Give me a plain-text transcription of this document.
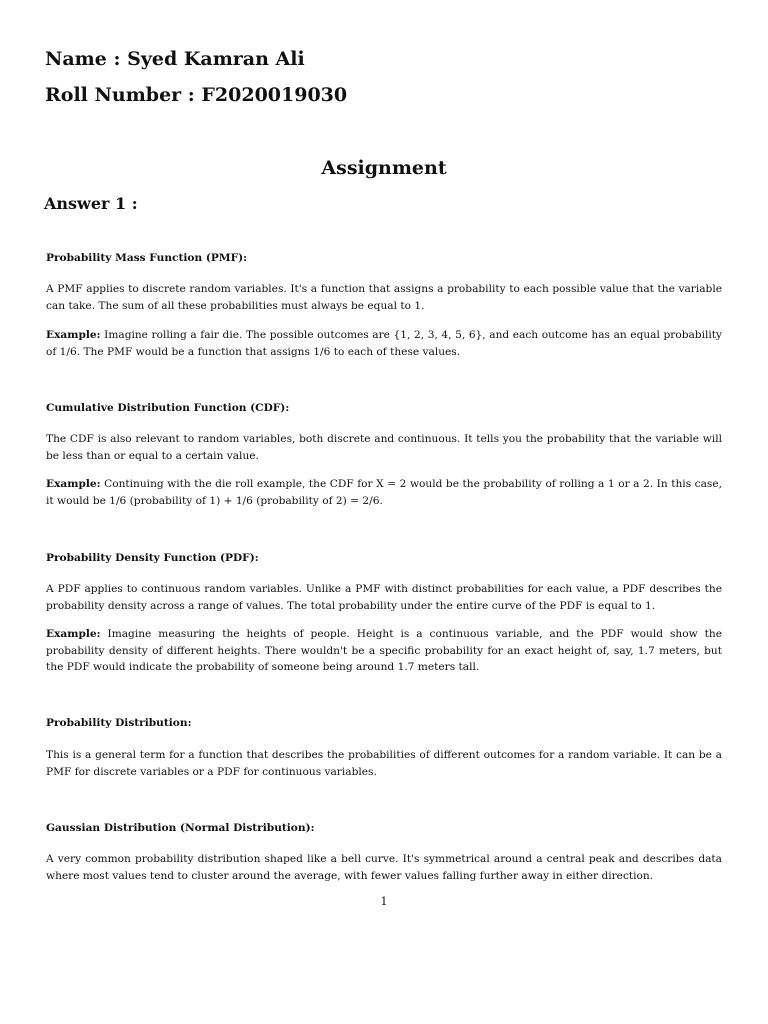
Name : Syed Kamran Ali
Roll Number : F2020019030
Assignment
Answer 1 :
Probability Mass Function (PMF):
A PMF applies to discrete random variables. It's a function that assigns a probability to each possible value that the variable can take. The sum of all these probabilities must always be equal to 1.
Example: Imagine rolling a fair die. The possible outcomes are {1, 2, 3, 4, 5, 6}, and each outcome has an equal probability of 1/6. The PMF would be a function that assigns 1/6 to each of these values.
Cumulative Distribution Function (CDF):
The CDF is also relevant to random variables, both discrete and continuous. It tells you the probability that the variable will be less than or equal to a certain value.
Example: Continuing with the die roll example, the CDF for X = 2 would be the probability of rolling a 1 or a 2. In this case, it would be 1/6 (probability of 1) + 1/6 (probability of 2) = 2/6.
Probability Density Function (PDF):
A PDF applies to continuous random variables. Unlike a PMF with distinct probabilities for each value, a PDF describes the probability density across a range of values. The total probability under the entire curve of the PDF is equal to 1.
Example: Imagine measuring the heights of people. Height is a continuous variable, and the PDF would show the probability density of different heights. There wouldn't be a specific probability for an exact height of, say, 1.7 meters, but the PDF would indicate the probability of someone being around 1.7 meters tall.
Probability Distribution:
This is a general term for a function that describes the probabilities of different outcomes for a random variable. It can be a PMF for discrete variables or a PDF for continuous variables.
Gaussian Distribution (Normal Distribution):
A very common probability distribution shaped like a bell curve. It's symmetrical around a central peak and describes data where most values tend to cluster around the average, with fewer values falling further away in either direction.
1
